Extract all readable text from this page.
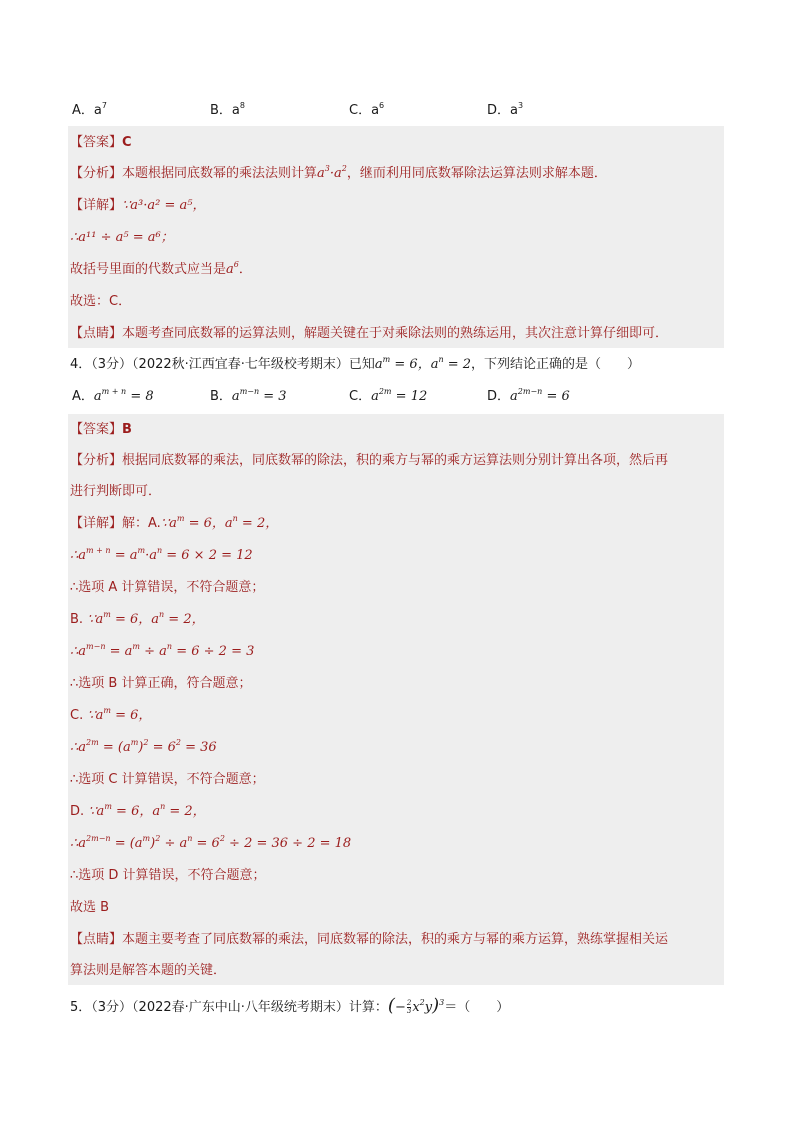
A．$a^7$	B．$a^8$	C．$a^6$	D．$a^3$
【答案】C
【分析】本题根据同底数幂的乘法法则计算$a^3\cdot a^2$，继而利用同底数幂除法运算法则求解本题．
【详解】∵a³·a² = a⁵，
∴a¹¹ ÷ a⁵ = a⁶；
故括号里面的代数式应当是$a^6$．
故选：C．
【点睛】本题考查同底数幂的运算法则，解题关键在于对乘除法则的熟练运用，其次注意计算仔细即可．
4．（3分）（2022秋·江西宜春·七年级校考期末）已知$a^m = 6$，$a^n = 2$，下列结论正确的是（　　）
A．$a^{m + n} = 8$	B．$a^{m-n} = 3$	C．$a^{2m} = 12$	D．$a^{2m-n} = 6$
【答案】B
【分析】根据同底数幂的乘法，同底数幂的除法，积的乘方与幂的乘方运算法则分别计算出各项，然后再
进行判断即可．
【详解】解：$A.\because a^m = 6$，$a^n = 2$，
$\therefore a^{m + n} = a^m\cdot a^n = 6 \times 2 = 12$
∴选项 A 计算错误，不符合题意；
B. $\because a^m = 6$，$a^n = 2$，
$\therefore a^{m-n} = a^m \div a^n = 6 \div 2 = 3$
∴选项 B 计算正确，符合题意；
C. $\because a^m = 6$，
$\therefore a^{2m} = (a^m)^2 = 6^2 = 36$
∴选项 C 计算错误，不符合题意；
D. $\because a^m = 6$，$a^n = 2$，
$\therefore a^{2m-n} = (a^m)^2 \div a^n = 6^2 \div 2 = 36 \div 2 = 18$
∴选项 D 计算错误，不符合题意；
故选 B
【点睛】本题主要考查了同底数幂的乘法，同底数幂的除法，积的乘方与幂的乘方运算，熟练掌握相关运
算法则是解答本题的关键．
5．（3分）（2022春·广东中山·八年级统考期末）计算：(− $\frac{2}{3} x^2y)^3=$（　　）
